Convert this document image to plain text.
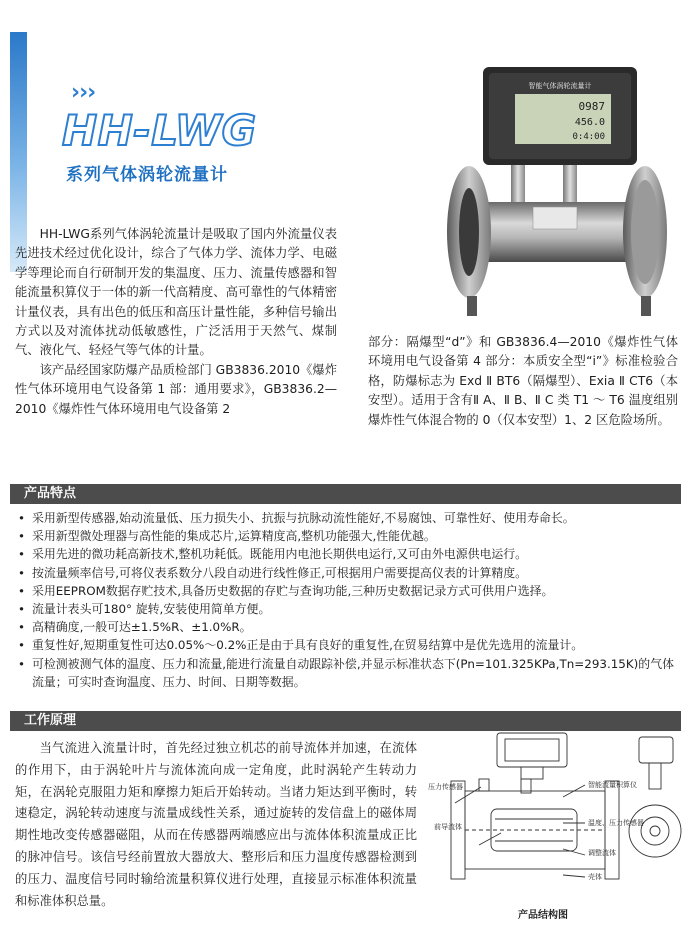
›››
HH-LWG
系列气体涡轮流量计
智能气体涡轮流量计
0987
456.0
0:4:00

HH-LWG系列气体涡轮流量计是吸取了国内外流量仪表先进技术经过优化设计，综合了气体力学、流体力学、电磁学等理论而自行研制开发的集温度、压力、流量传感器和智能流量积算仪于一体的新一代高精度、高可靠性的气体精密计量仪表，具有出色的低压和高压计量性能，多种信号输出方式以及对流体扰动低敏感性，广泛活用于天然气、煤制气、液化气、轻烃气等气体的计量。

该产品经国家防爆产品质检部门 GB3836.2010《爆炸性气体环境用电气设备第 1 部：通用要求》，GB3836.2—2010《爆炸性气体环境用电气设备第 2

部分：隔爆型“d”》和 GB3836.4—2010《爆炸性气体环境用电气设备第 4 部分：本质安全型“i”》标准检验合格，防爆标志为 Exd Ⅱ BT6（隔爆型）、Exia Ⅱ CT6（本安型）。适用于含有Ⅱ A、Ⅱ B、Ⅱ C 类 T1 ～ T6 温度组别爆炸性气体混合物的 0（仅本安型）1、2 区危险场所。

产品特点
• 采用新型传感器,始动流量低、压力损失小、抗振与抗脉动流性能好,不易腐蚀、可靠性好、使用寿命长。
• 采用新型微处理器与高性能的集成芯片,运算精度高,整机功能强大,性能优越。
• 采用先进的微功耗高新技术,整机功耗低。既能用内电池长期供电运行,又可由外电源供电运行。
• 按流量频率信号,可将仪表系数分八段自动进行线性修正,可根据用户需要提高仪表的计算精度。
• 采用EEPROM数据存贮技术,具备历史数据的存贮与查询功能,三种历史数据记录方式可供用户选择。
• 流量计表头可180° 旋转,安装使用简单方便。
• 高精确度,一般可达±1.5%R、±1.0%R。
• 重复性好,短期重复性可达0.05%～0.2%正是由于具有良好的重复性,在贸易结算中是优先选用的流量计。
• 可检测被测气体的温度、压力和流量,能进行流量自动跟踪补偿,并显示标准状态下(Pn=101.325KPa,Tn=293.15K)的气体流量；可实时查询温度、压力、时间、日期等数据。
工作原理

当气流进入流量计时，首先经过独立机芯的前导流体并加速，在流体的作用下，由于涡轮叶片与流体流向成一定角度，此时涡轮产生转动力矩，在涡轮克服阻力矩和摩擦力矩后开始转动。当诸力矩达到平衡时，转速稳定，涡轮转动速度与流量成线性关系，通过旋转的发信盘上的磁体周期性地改变传感器磁阻，从而在传感器两端感应出与流体体积流量成正比的脉冲信号。该信号经前置放大器放大、整形后和压力温度传感器检测到的压力、温度信号同时输给流量积算仪进行处理，直接显示标准体积流量和标准体积总量。

压力传感器	智能流量积算仪
温度、压力传感器
前导流体
调整流体
壳体
产品结构图
